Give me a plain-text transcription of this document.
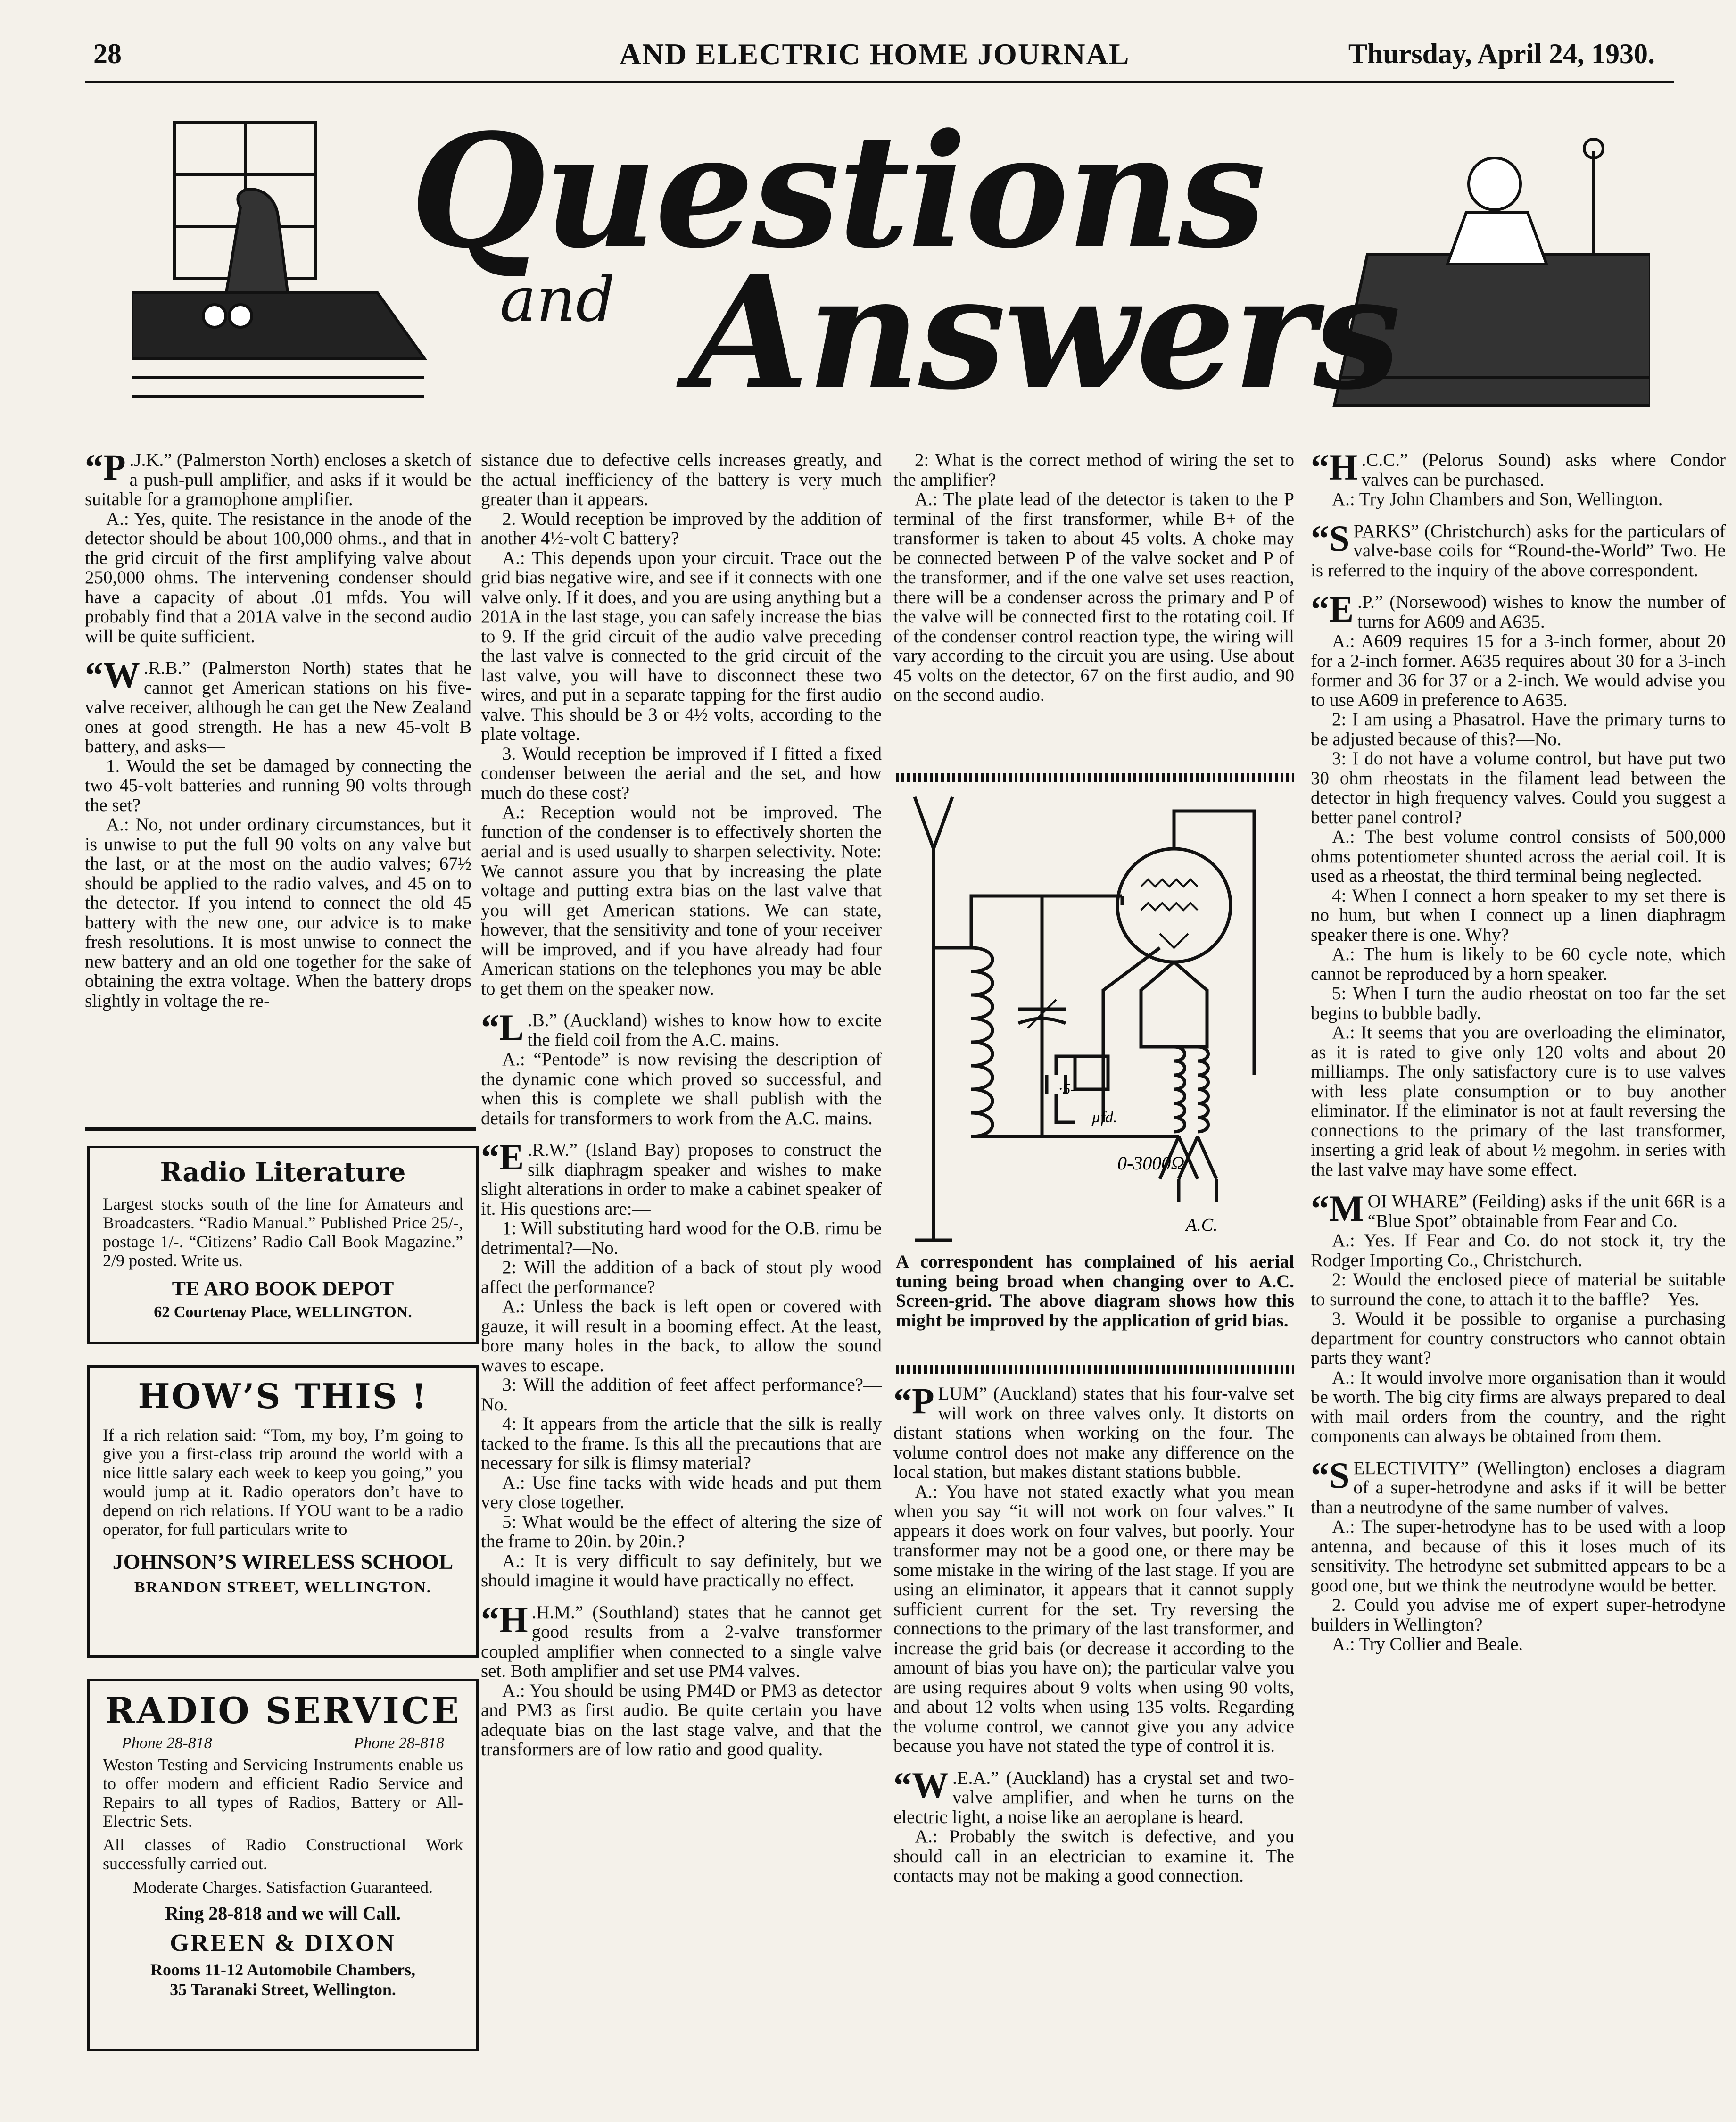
28	AND ELECTRIC HOME JOURNAL	Thursday, April 24, 1930.
Questions
and Answers

“P .J.K.” (Palmerston North) encloses a sketch of a push-pull amplifier, and asks if it would be suitable for a gramophone amplifier.

A.: Yes, quite. The resistance in the anode of the detector should be about 100,000 ohms., and that in the grid circuit of the first amplifying valve about 250,000 ohms. The intervening condenser should have a capacity of about .01 mfds. You will probably find that a 201A valve in the second audio will be quite sufficient.

“W .R.B.” (Palmerston North) states that he cannot get American stations on his five-valve receiver, although he can get the New Zealand ones at good strength. He has a new 45-volt B battery, and asks—

1. Would the set be damaged by connecting the two 45-volt batteries and running 90 volts through the set?

A.: No, not under ordinary circumstances, but it is unwise to put the full 90 volts on any valve but the last, or at the most on the audio valves; 67½ should be applied to the radio valves, and 45 on to the detector. If you intend to connect the old 45 battery with the new one, our advice is to make fresh resolutions. It is most unwise to connect the new battery and an old one together for the sake of obtaining the extra voltage. When the battery drops slightly in voltage the re-

Radio Literature
Largest stocks south of the line for Amateurs and Broadcasters. “Radio Manual.” Published Price 25/-, postage 1/-. “Citizens’ Radio Call Book Magazine.” 2/9 posted. Write us.
TE ARO BOOK DEPOT
62 Courtenay Place, WELLINGTON.
HOW’S THIS !
If a rich relation said: “Tom, my boy, I’m going to give you a first-class trip around the world with a nice little salary each week to keep you going,” you would jump at it. Radio operators don’t have to depend on rich relations. If YOU want to be a radio operator, for full particulars write to
JOHNSON’S WIRELESS SCHOOL
BRANDON STREET, WELLINGTON.
RADIO SERVICE
Phone 28-818	Phone 28-818
Weston Testing and Servicing Instruments enable us to offer modern and efficient Radio Service and Repairs to all types of Radios, Battery or All-Electric Sets.
All classes of Radio Constructional Work successfully carried out.
Moderate Charges. Satisfaction Guaranteed.
Ring 28-818 and we will Call.
GREEN & DIXON
Rooms 11-12 Automobile Chambers,
35 Taranaki Street, Wellington.

sistance due to defective cells increases greatly, and the actual inefficiency of the battery is very much greater than it appears.

2. Would reception be improved by the addition of another 4½-volt C battery?

A.: This depends upon your circuit. Trace out the grid bias negative wire, and see if it connects with one valve only. If it does, and you are using anything but a 201A in the last stage, you can safely increase the bias to 9. If the grid circuit of the audio valve preceding the last valve is connected to the grid circuit of the last valve, you will have to disconnect these two wires, and put in a separate tapping for the first audio valve. This should be 3 or 4½ volts, according to the plate voltage.

3. Would reception be improved if I fitted a fixed condenser between the aerial and the set, and how much do these cost?

A.: Reception would not be improved. The function of the condenser is to effectively shorten the aerial and is used usually to sharpen selectivity. Note: We cannot assure you that by increasing the plate voltage and putting extra bias on the last valve that you will get American stations. We can state, however, that the sensitivity and tone of your receiver will be improved, and if you have already had four American stations on the telephones you may be able to get them on the speaker now.

“L .B.” (Auckland) wishes to know how to excite the field coil from the A.C. mains.

A.: “Pentode” is now revising the description of the dynamic cone which proved so successful, and when this is complete we shall publish with the details for transformers to work from the A.C. mains.

“E .R.W.” (Island Bay) proposes to construct the silk diaphragm speaker and wishes to make slight alterations in order to make a cabinet speaker of it. His questions are:—

1: Will substituting hard wood for the O.B. rimu be detrimental?—No.

2: Will the addition of a back of stout ply wood affect the performance?

A.: Unless the back is left open or covered with gauze, it will result in a booming effect. At the least, bore many holes in the back, to allow the sound waves to escape.

3: Will the addition of feet affect performance?—No.

4: It appears from the article that the silk is really tacked to the frame. Is this all the precautions that are necessary for silk is flimsy material?

A.: Use fine tacks with wide heads and put them very close together.

5: What would be the effect of altering the size of the frame to 20in. by 20in.?

A.: It is very difficult to say definitely, but we should imagine it would have practically no effect.

“H .H.M.” (Southland) states that he cannot get good results from a 2-valve transformer coupled amplifier when connected to a single valve set. Both amplifier and set use PM4 valves.

A.: You should be using PM4D or PM3 as detector and PM3 as first audio. Be quite certain you have adequate bias on the last stage valve, and that the transformers are of low ratio and good quality.

2: What is the correct method of wiring the set to the amplifier?

A.: The plate lead of the detector is taken to the P terminal of the first transformer, while B+ of the transformer is taken to about 45 volts. A choke may be connected between P of the valve socket and P of the transformer, and if the one valve set uses reaction, there will be a condenser across the primary and P of the valve will be connected first to the rotating coil. If of the condenser control reaction type, the wiring will vary according to the circuit you are using. Use about 45 volts on the detector, 67 on the first audio, and 90 on the second audio.

·5-
µfd.
0-3000Ω
A.C.
A correspondent has complained of his aerial tuning being broad when changing over to A.C. Screen-grid. The above diagram shows how this might be improved by the application of grid bias.

“PLUM” (Auckland) states that his four-valve set will work on three valves only. It distorts on distant stations when working on the four. The volume control does not make any difference on the local station, but makes distant stations bubble.

A.: You have not stated exactly what you mean when you say “it will not work on four valves.” It appears it does work on four valves, but poorly. Your transformer may not be a good one, or there may be some mistake in the wiring of the last stage. If you are using an eliminator, it appears that it cannot supply sufficient current for the set. Try reversing the connections to the primary of the last transformer, and increase the grid bais (or decrease it according to the amount of bias you have on); the particular valve you are using requires about 9 volts when using 90 volts, and about 12 volts when using 135 volts. Regarding the volume control, we cannot give you any advice because you have not stated the type of control it is.

“W .E.A.” (Auckland) has a crystal set and two-valve amplifier, and when he turns on the electric light, a noise like an aeroplane is heard.

A.: Probably the switch is defective, and you should call in an electrician to examine it. The contacts may not be making a good connection.

“H .C.C.” (Pelorus Sound) asks where Condor valves can be purchased.

A.: Try John Chambers and Son, Wellington.

“SPARKS” (Christchurch) asks for the particulars of valve-base coils for “Round-the-World” Two. He is referred to the inquiry of the above correspondent.

“E .P.” (Norsewood) wishes to know the number of turns for A609 and A635.

A.: A609 requires 15 for a 3-inch former, about 20 for a 2-inch former. A635 requires about 30 for a 3-inch former and 36 for 37 or a 2-inch. We would advise you to use A609 in preference to A635.

2: I am using a Phasatrol. Have the primary turns to be adjusted because of this?—No.

3: I do not have a volume control, but have put two 30 ohm rheostats in the filament lead between the detector in high frequency valves. Could you suggest a better panel control?

A.: The best volume control consists of 500,000 ohms potentiometer shunted across the aerial coil. It is used as a rheostat, the third terminal being neglected.

4: When I connect a horn speaker to my set there is no hum, but when I connect up a linen diaphragm speaker there is one. Why?

A.: The hum is likely to be 60 cycle note, which cannot be reproduced by a horn speaker.

5: When I turn the audio rheostat on too far the set begins to bubble badly.

A.: It seems that you are overloading the eliminator, as it is rated to give only 120 volts and about 20 milliamps. The only satisfactory cure is to use valves with less plate consumption or to buy another eliminator. If the eliminator is not at fault reversing the connections to the primary of the last transformer, inserting a grid leak of about ½ megohm. in series with the last valve may have some effect.

“MOI WHARE” (Feilding) asks if the unit 66R is a “Blue Spot” obtainable from Fear and Co.

A.: Yes. If Fear and Co. do not stock it, try the Rodger Importing Co., Christchurch.

2: Would the enclosed piece of material be suitable to surround the cone, to attach it to the baffle?—Yes.

3. Would it be possible to organise a purchasing department for country constructors who cannot obtain parts they want?

A.: It would involve more organisation than it would be worth. The big city firms are always prepared to deal with mail orders from the country, and the right components can always be obtained from them.

“SELECTIVITY” (Wellington) encloses a diagram of a super-hetrodyne and asks if it will be better than a neutrodyne of the same number of valves.

A.: The super-hetrodyne has to be used with a loop antenna, and because of this it loses much of its sensitivity. The hetrodyne set submitted appears to be a good one, but we think the neutrodyne would be better.

2. Could you advise me of expert super-hetrodyne builders in Wellington?

A.: Try Collier and Beale.
